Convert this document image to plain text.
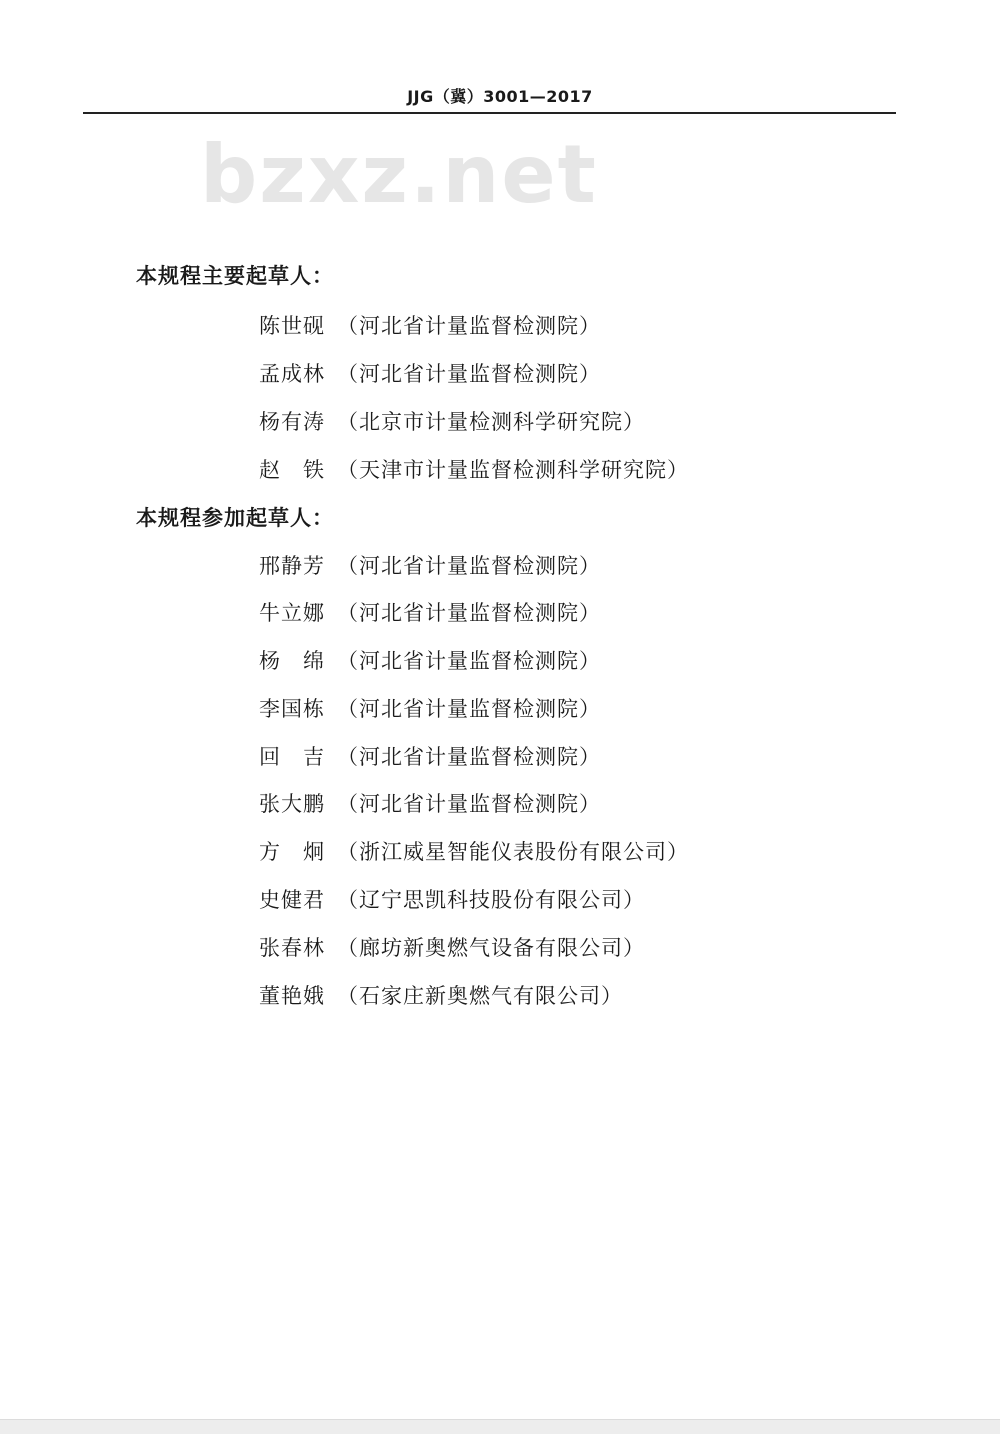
JJG（冀）3001—2017
bzxz.net
本规程主要起草人：
陈世砚 （河北省计量监督检测院）
孟成林 （河北省计量监督检测院）
杨有涛 （北京市计量检测科学研究院）
赵　铁 （天津市计量监督检测科学研究院）
本规程参加起草人：
邢静芳 （河北省计量监督检测院）
牛立娜 （河北省计量监督检测院）
杨　绵 （河北省计量监督检测院）
李国栋 （河北省计量监督检测院）
回　吉 （河北省计量监督检测院）
张大鹏 （河北省计量监督检测院）
方　炯 （浙江威星智能仪表股份有限公司）
史健君 （辽宁思凯科技股份有限公司）
张春林 （廊坊新奥燃气设备有限公司）
董艳娥 （石家庄新奥燃气有限公司）
